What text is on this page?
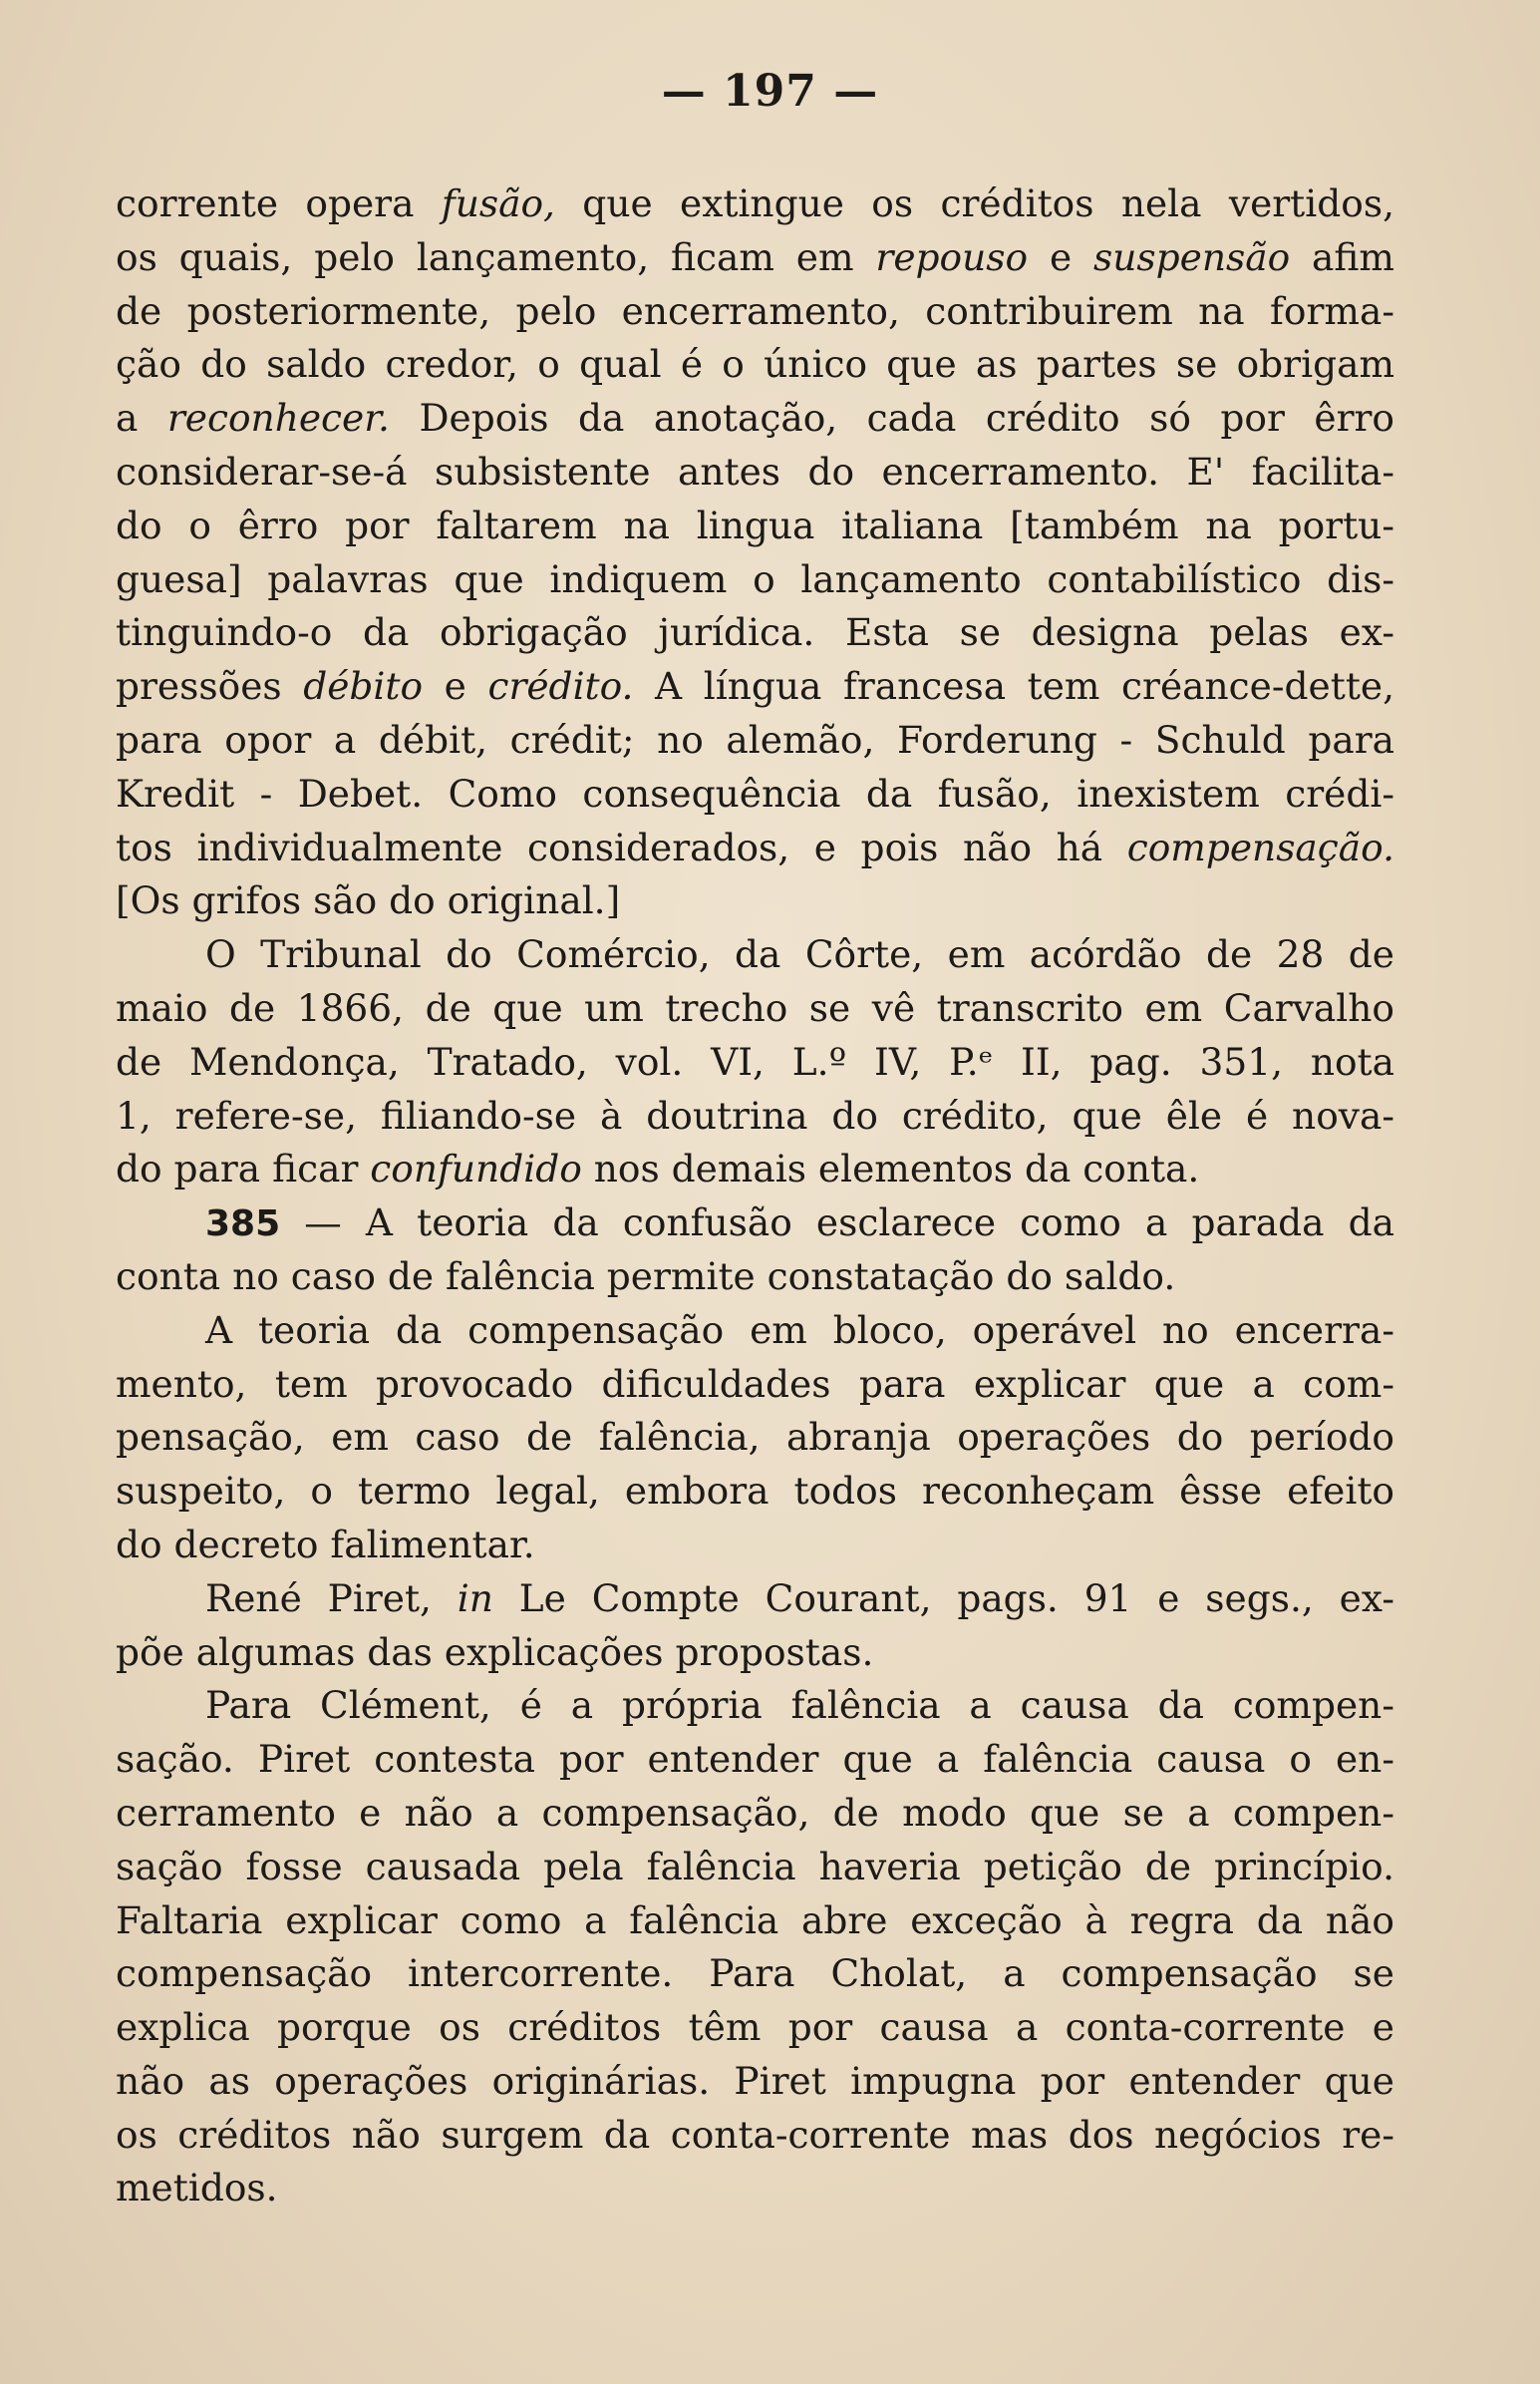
— 197 —
corrente opera fusão, que extingue os créditos nela vertidos,
os quais, pelo lançamento, ficam em repouso e suspensão afim
de posteriormente, pelo encerramento, contribuirem na forma-
ção do saldo credor, o qual é o único que as partes se obrigam
a reconhecer. Depois da anotação, cada crédito só por êrro
considerar-se-á subsistente antes do encerramento. E' facilita-
do o êrro por faltarem na lingua italiana [também na portu-
guesa] palavras que indiquem o lançamento contabilístico dis-
tinguindo-o da obrigação jurídica. Esta se designa pelas ex-
pressões débito e crédito. A língua francesa tem créance-dette,
para opor a débit, crédit; no alemão, Forderung - Schuld para
Kredit - Debet. Como consequência da fusão, inexistem crédi-
tos individualmente considerados, e pois não há compensação.
[Os grifos são do original.]
O Tribunal do Comércio, da Côrte, em acórdão de 28 de
maio de 1866, de que um trecho se vê transcrito em Carvalho
de Mendonça, Tratado, vol. VI, L.º IV, P.ᵉ II, pag. 351, nota
1, refere-se, filiando-se à doutrina do crédito, que êle é nova-
do para ficar confundido nos demais elementos da conta.
385 — A teoria da confusão esclarece como a parada da
conta no caso de falência permite constatação do saldo.
A teoria da compensação em bloco, operável no encerra-
mento, tem provocado dificuldades para explicar que a com-
pensação, em caso de falência, abranja operações do período
suspeito, o termo legal, embora todos reconheçam êsse efeito
do decreto falimentar.
René Piret, in Le Compte Courant, pags. 91 e segs., ex-
põe algumas das explicações propostas.
Para Clément, é a própria falência a causa da compen-
sação. Piret contesta por entender que a falência causa o en-
cerramento e não a compensação, de modo que se a compen-
sação fosse causada pela falência haveria petição de princípio.
Faltaria explicar como a falência abre exceção à regra da não
compensação intercorrente. Para Cholat, a compensação se
explica porque os créditos têm por causa a conta-corrente e
não as operações originárias. Piret impugna por entender que
os créditos não surgem da conta-corrente mas dos negócios re-
metidos.
